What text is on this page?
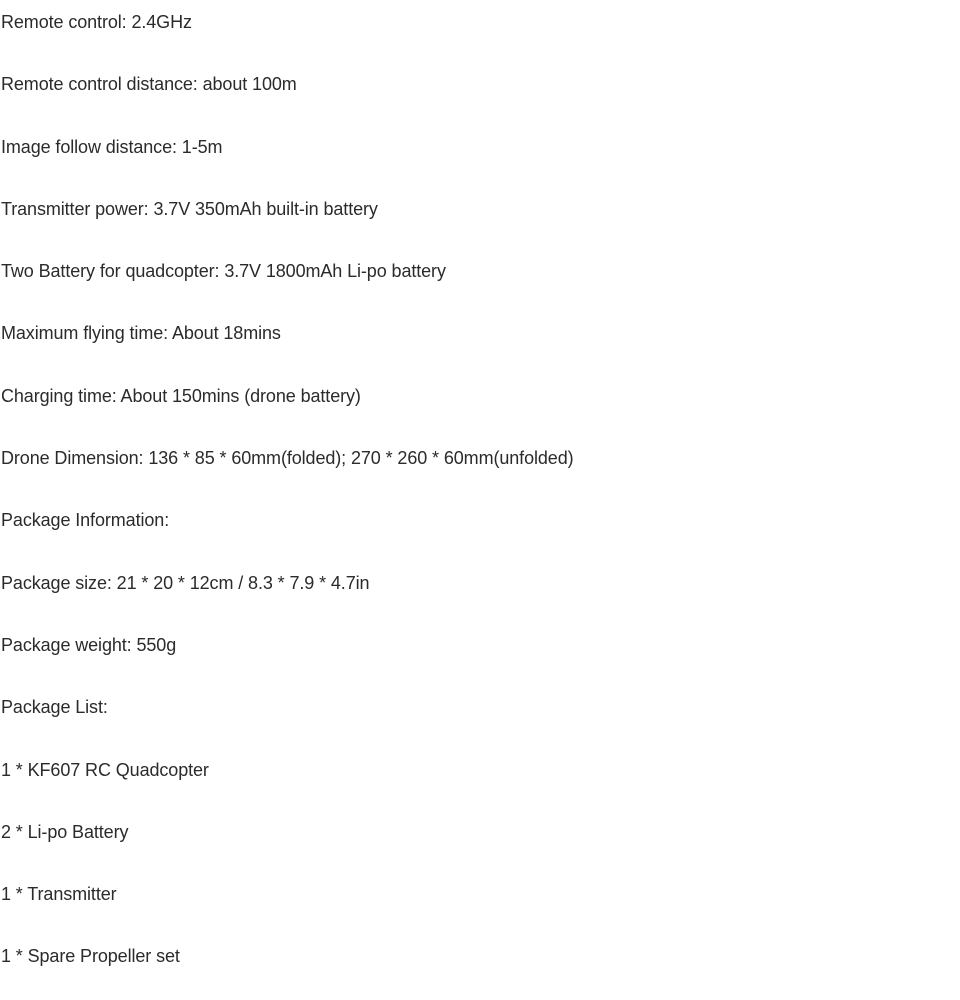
Remote control: 2.4GHz

Remote control distance: about 100m

Image follow distance: 1-5m

Transmitter power: 3.7V 350mAh built-in battery

Two Battery for quadcopter: 3.7V 1800mAh Li-po battery

Maximum flying time: About 18mins

Charging time: About 150mins (drone battery)

Drone Dimension: 136 * 85 * 60mm(folded); 270 * 260 * 60mm(unfolded)

Package Information:

Package size: 21 * 20 * 12cm / 8.3 * 7.9 * 4.7in

Package weight: 550g

Package List:

1 * KF607 RC Quadcopter

2 * Li-po Battery

1 * Transmitter

1 * Spare Propeller set
